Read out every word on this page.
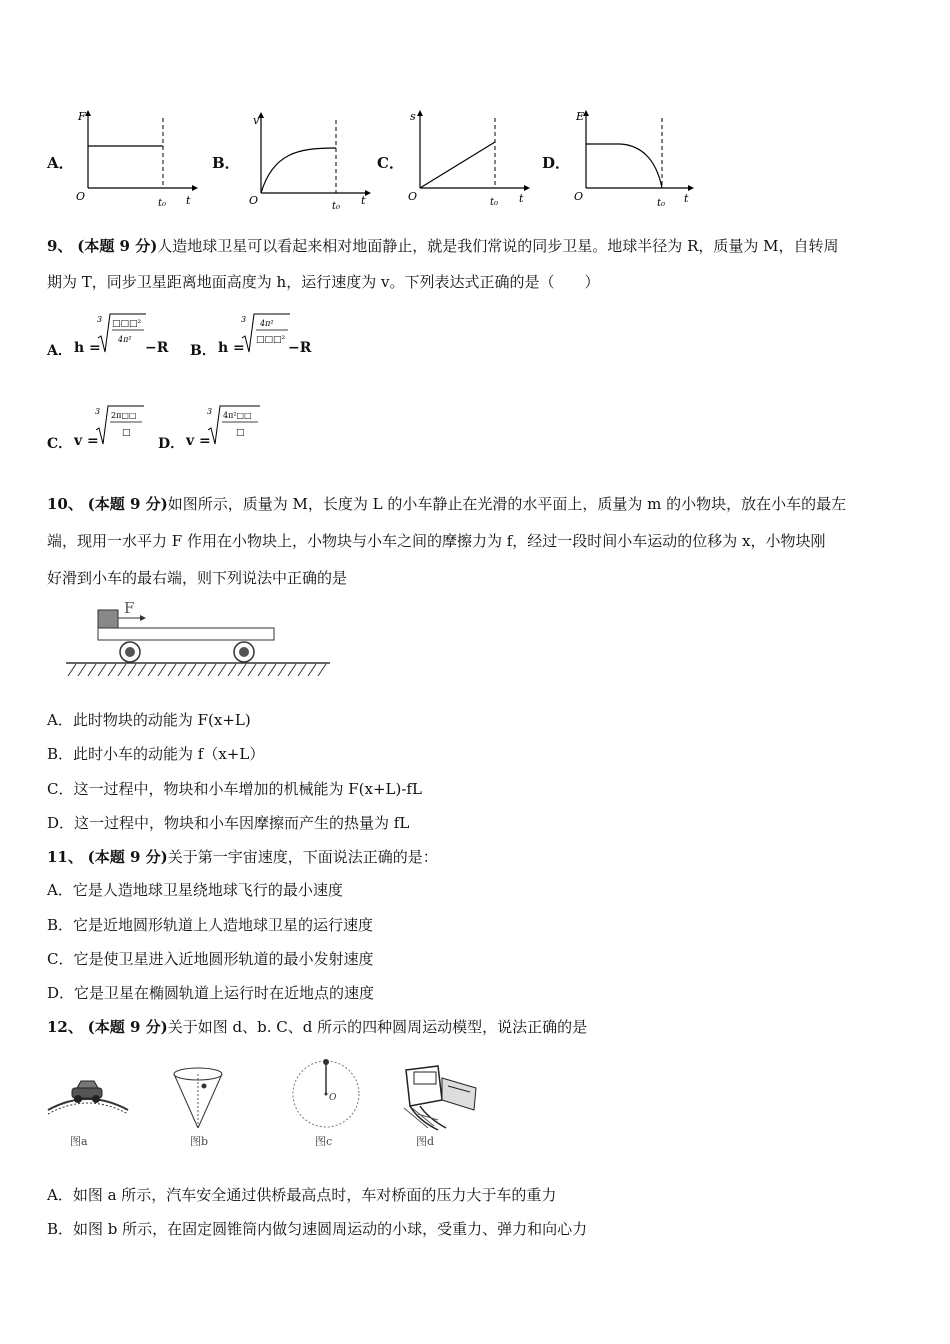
A．
F
t
O
t₀
B．
v
t
O	t₀
C．
s
t
O	t₀
D．
E
t
O
t₀
9、 (本题 9 分)人造地球卫星可以看起来相对地面静止，就是我们常说的同步卫星。地球半径为 R，质量为 M，自转周
期为 T，同步卫星距离地面高度为 h，运行速度为 v。下列表达式正确的是（　　）
A． h =
3 □□□²
4π²
−R B． h =
3 4π²
□□□² −R
C． v =
3 2π□□
□
D． v =
3 4π²□□
□
10、 (本题 9 分)如图所示，质量为 M，长度为 L 的小车静止在光滑的水平面上，质量为 m 的小物块，放在小车的最左
端，现用一水平力 F 作用在小物块上，小物块与小车之间的摩擦力为 f，经过一段时间小车运动的位移为 x，小物块刚
好滑到小车的最右端，则下列说法中正确的是
F
A．此时物块的动能为 F(x+L)
B．此时小车的动能为 f（x+L）
C．这一过程中，物块和小车增加的机械能为 F(x+L)-fL
D．这一过程中，物块和小车因摩擦而产生的热量为 fL
11、 (本题 9 分)关于第一宇宙速度，下面说法正确的是：
A．它是人造地球卫星绕地球飞行的最小速度
B．它是近地圆形轨道上人造地球卫星的运行速度
C．它是使卫星进入近地圆形轨道的最小发射速度
D．它是卫星在椭圆轨道上运行时在近地点的速度
12、 (本题 9 分)关于如图 d、b. C、d 所示的四种圆周运动模型，说法正确的是
图a	图b
O
图c	图d
A．如图 a 所示，汽车安全通过供桥最高点时，车对桥面的压力大于车的重力
B．如图 b 所示，在固定圆锥筒内做匀速圆周运动的小球，受重力、弹力和向心力
